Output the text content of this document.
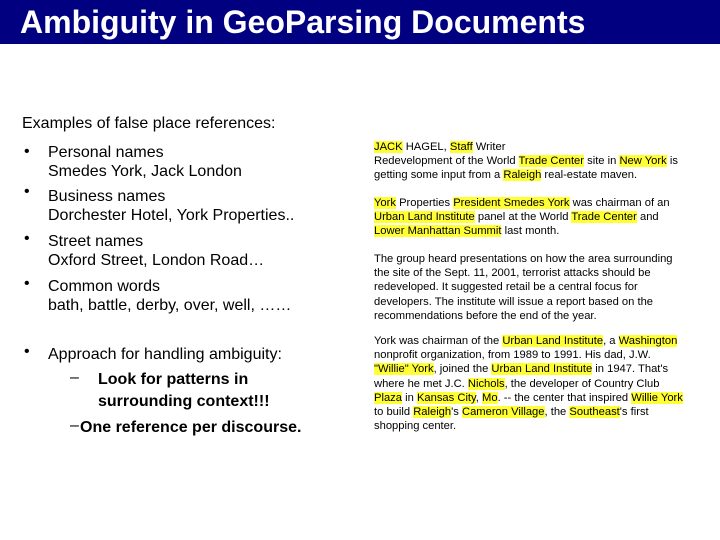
Ambiguity in GeoParsing Documents
Examples of false place references:
• Personal names
Smedes York, Jack London
• Business names
Dorchester Hotel, York Properties..
• Street names
Oxford Street, London Road…
• Common words
bath, battle, derby, over, well, ……
• Approach for handling ambiguity:
– Look for patterns in
surrounding context!!!
– One reference per discourse.
JACK HAGEL, Staff Writer
Redevelopment of the World Trade Center site in New York is
getting some input from a Raleigh real-estate maven.
York Properties President Smedes York was chairman of an
Urban Land Institute panel at the World Trade Center and
Lower Manhattan Summit last month.
The group heard presentations on how the area surrounding
the site of the Sept. 11, 2001, terrorist attacks should be
redeveloped. It suggested retail be a central focus for
developers. The institute will issue a report based on the
recommendations before the end of the year.
York was chairman of the Urban Land Institute, a Washington
nonprofit organization, from 1989 to 1991. His dad, J.W.
"Willie" York, joined the Urban Land Institute in 1947. That's
where he met J.C. Nichols, the developer of Country Club
Plaza in Kansas City, Mo. -- the center that inspired Willie York
to build Raleigh's Cameron Village, the Southeast's first
shopping center.
